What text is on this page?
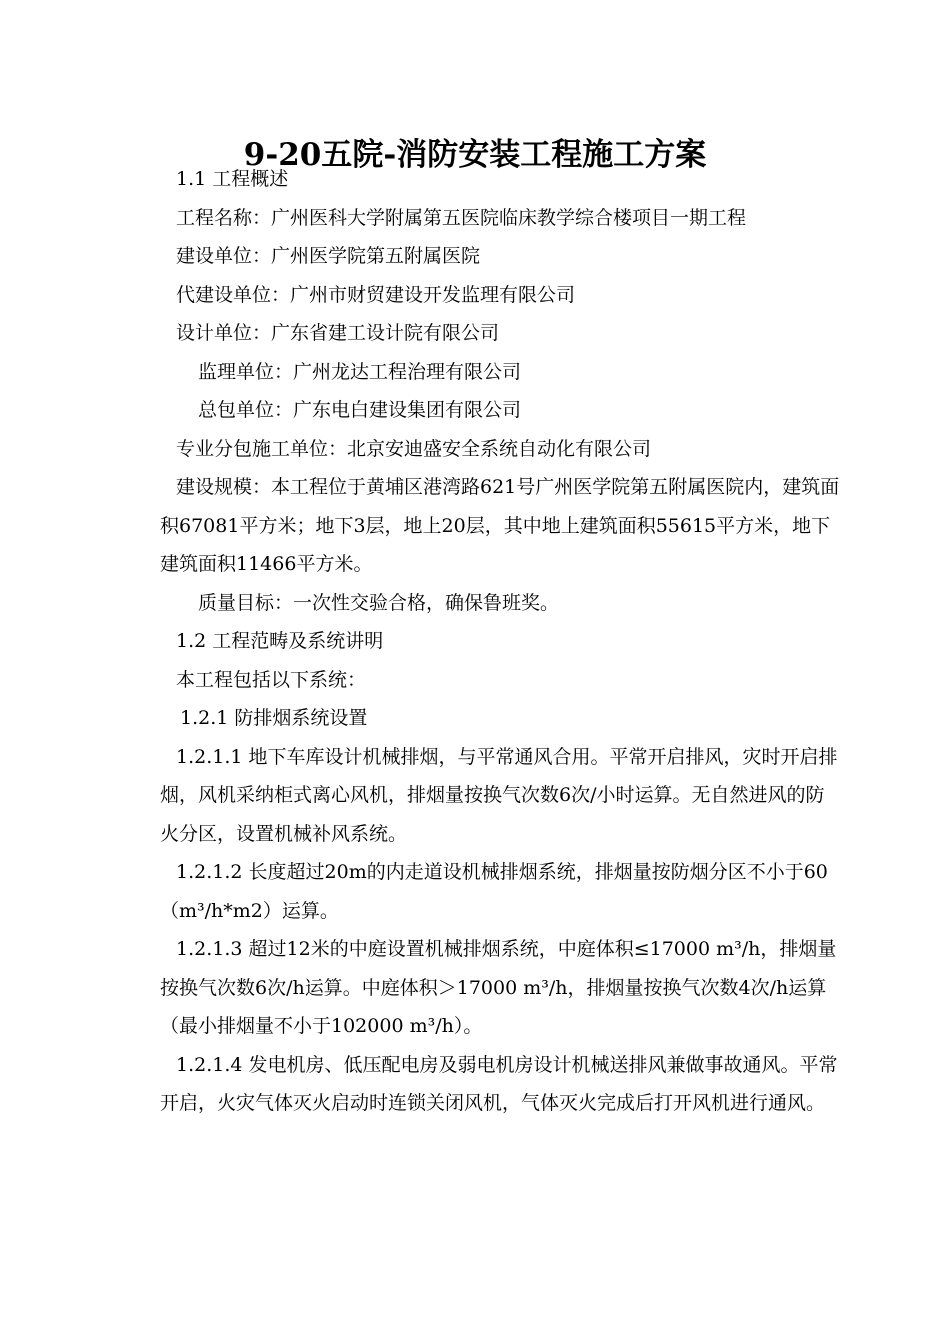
9-20五院-消防安装工程施工方案

1.1 工程概述

工程名称：广州医科大学附属第五医院临床教学综合楼项目一期工程

建设单位：广州医学院第五附属医院

代建设单位：广州市财贸建设开发监理有限公司

设计单位：广东省建工设计院有限公司

监理单位：广州龙达工程治理有限公司

总包单位：广东电白建设集团有限公司

专业分包施工单位：北京安迪盛安全系统自动化有限公司

建设规模：本工程位于黄埔区港湾路621号广州医学院第五附属医院内，建筑面积67081平方米；地下3层，地上20层，其中地上建筑面积55615平方米，地下建筑面积11466平方米。

质量目标：一次性交验合格，确保鲁班奖。

1.2 工程范畴及系统讲明

本工程包括以下系统：

1.2.1 防排烟系统设置

1.2.1.1 地下车库设计机械排烟，与平常通风合用。平常开启排风，灾时开启排烟，风机采纳柜式离心风机，排烟量按换气次数6次/小时运算。无自然进风的防火分区，设置机械补风系统。

1.2.1.2 长度超过20m的内走道设机械排烟系统，排烟量按防烟分区不小于60（m³/h*m2）运算。

1.2.1.3 超过12米的中庭设置机械排烟系统，中庭体积≤17000 m³/h，排烟量按换气次数6次/h运算。中庭体积＞17000 m³/h，排烟量按换气次数4次/h运算（最小排烟量不小于102000 m³/h）。

1.2.1.4 发电机房、低压配电房及弱电机房设计机械送排风兼做事故通风。平常开启，火灾气体灭火启动时连锁关闭风机，气体灭火完成后打开风机进行通风。
